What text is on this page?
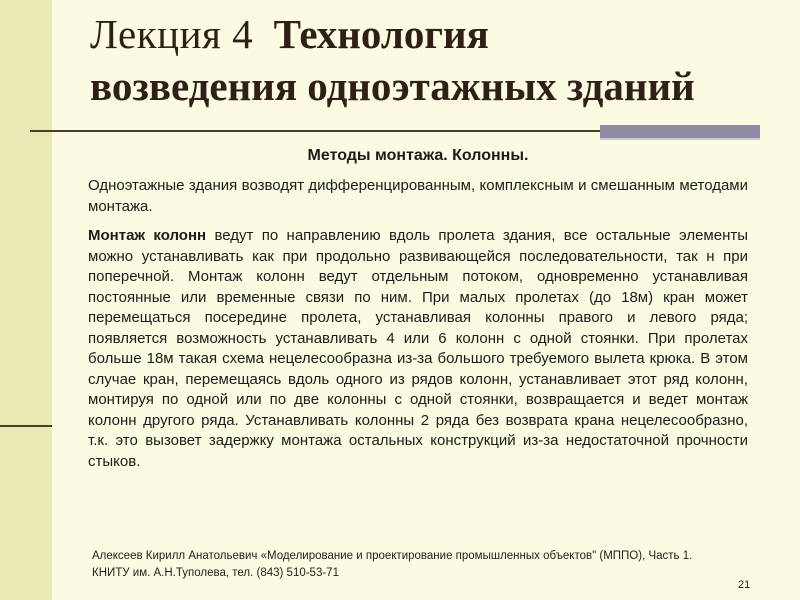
Лекция 4 Технология
возведения одноэтажных зданий

Методы монтажа. Колонны.

Одноэтажные здания возводят дифференцированным, комплексным и смешанным методами монтажа.

Монтаж колонн ведут по направлению вдоль пролета здания, все остальные элементы можно устанавливать как при продольно развивающейся последовательности, так н при поперечной. Монтаж колонн ведут отдельным потоком, одновременно устанавливая постоянные или временные связи по ним. При малых пролетах (до 18м) кран может перемещаться посередине пролета, устанавливая колонны правого и левого ряда; появляется возможность устанавливать 4 или 6 колонн с одной стоянки. При пролетах больше 18м такая схема нецелесообразна из-за большого требуемого вылета крюка. В этом случае кран, перемещаясь вдоль одного из рядов колонн, устанавливает этот ряд колонн, монтируя по одной или по две колонны с одной стоянки, возвращается и ведет монтаж колонн другого ряда. Устанавливать колонны 2 ряда без возврата крана нецелесообразно, т.к. это вызовет задержку монтажа остальных конструкций из-за недостаточной прочности стыков.

Алексеев Кирилл Анатольевич «Моделирование и проектирование промышленных объектов" (МППО), Часть 1.
КНИТУ им. А.Н.Туполева, тел. (843) 510-53-71
21
